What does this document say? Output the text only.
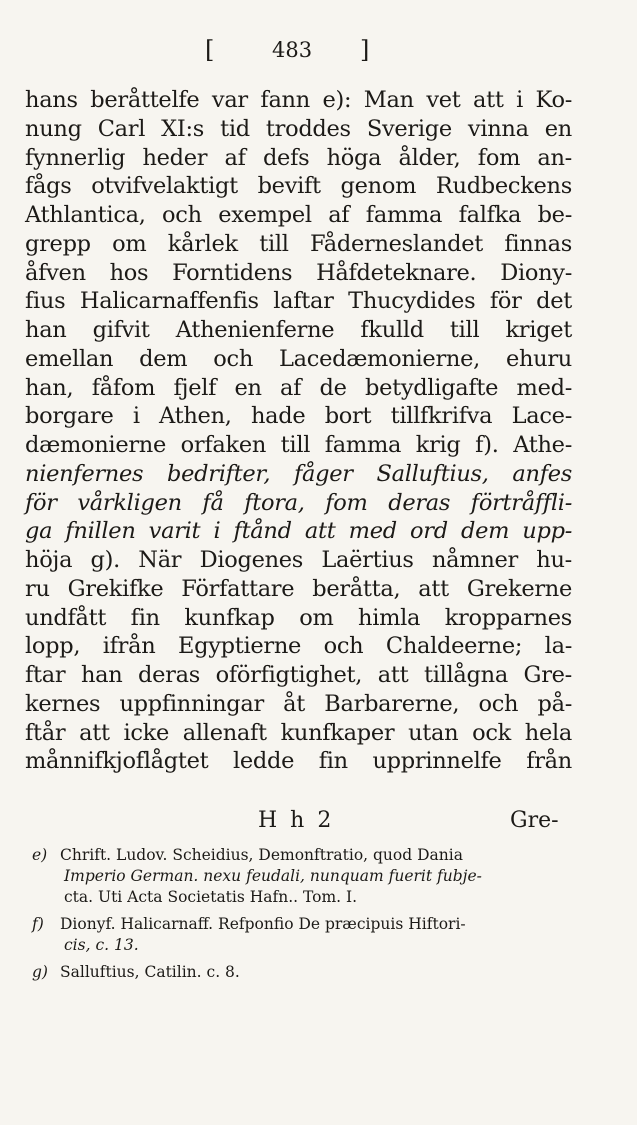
[	483 ]
hans beråttelfe var fann e): Man vet att i Ko-
nung Carl XI:s tid troddes Sverige vinna en
fynnerlig heder af defs höga ålder, fom an-
fågs otvifvelaktigt bevift genom Rudbeckens
Athlantica, och exempel af famma falfka be-
grepp om kårlek till Fåderneslandet finnas
åfven hos Forntidens Håfdeteknare. Diony-
fius Halicarnaffenfis laftar Thucydides för det
han gifvit Athenienferne fkulld till kriget
emellan dem och Lacedæmonierne, ehuru
han, fåfom fjelf en af de betydligafte med-
borgare i Athen, hade bort tillfkrifva Lace-
dæmonierne orfaken till famma krig f). Athe-
nienfernes bedrifter, fåger Salluftius, anfes
för vårkligen få ftora, fom deras förtråffli-
ga fnillen varit i ftånd att med ord dem upp-
höja g). När Diogenes Laërtius nåmner hu-
ru Grekifke Författare beråtta, att Grekerne
undfått fin kunfkap om himla kropparnes
lopp, ifrån Egyptierne och Chaldeerne; la-
ftar han deras oförfigtighet, att tillågna Gre-
kernes uppfinningar åt Barbarerne, och på-
ftår att icke allenaft kunfkaper utan ock hela
månnifkjoflågtet ledde fin upprinnelfe från
H h 2	Gre-
e) Chrift. Ludov. Scheidius, Demonftratio, quod Dania
Imperio German. nexu feudali, nunquam fuerit fubje-
cta. Uti Acta Societatis Hafn.. Tom. I.
f) Dionyf. Halicarnaff. Refponfio De præcipuis Hiftori-
cis, c. 13.
g) Salluftius, Catilin. c. 8.
